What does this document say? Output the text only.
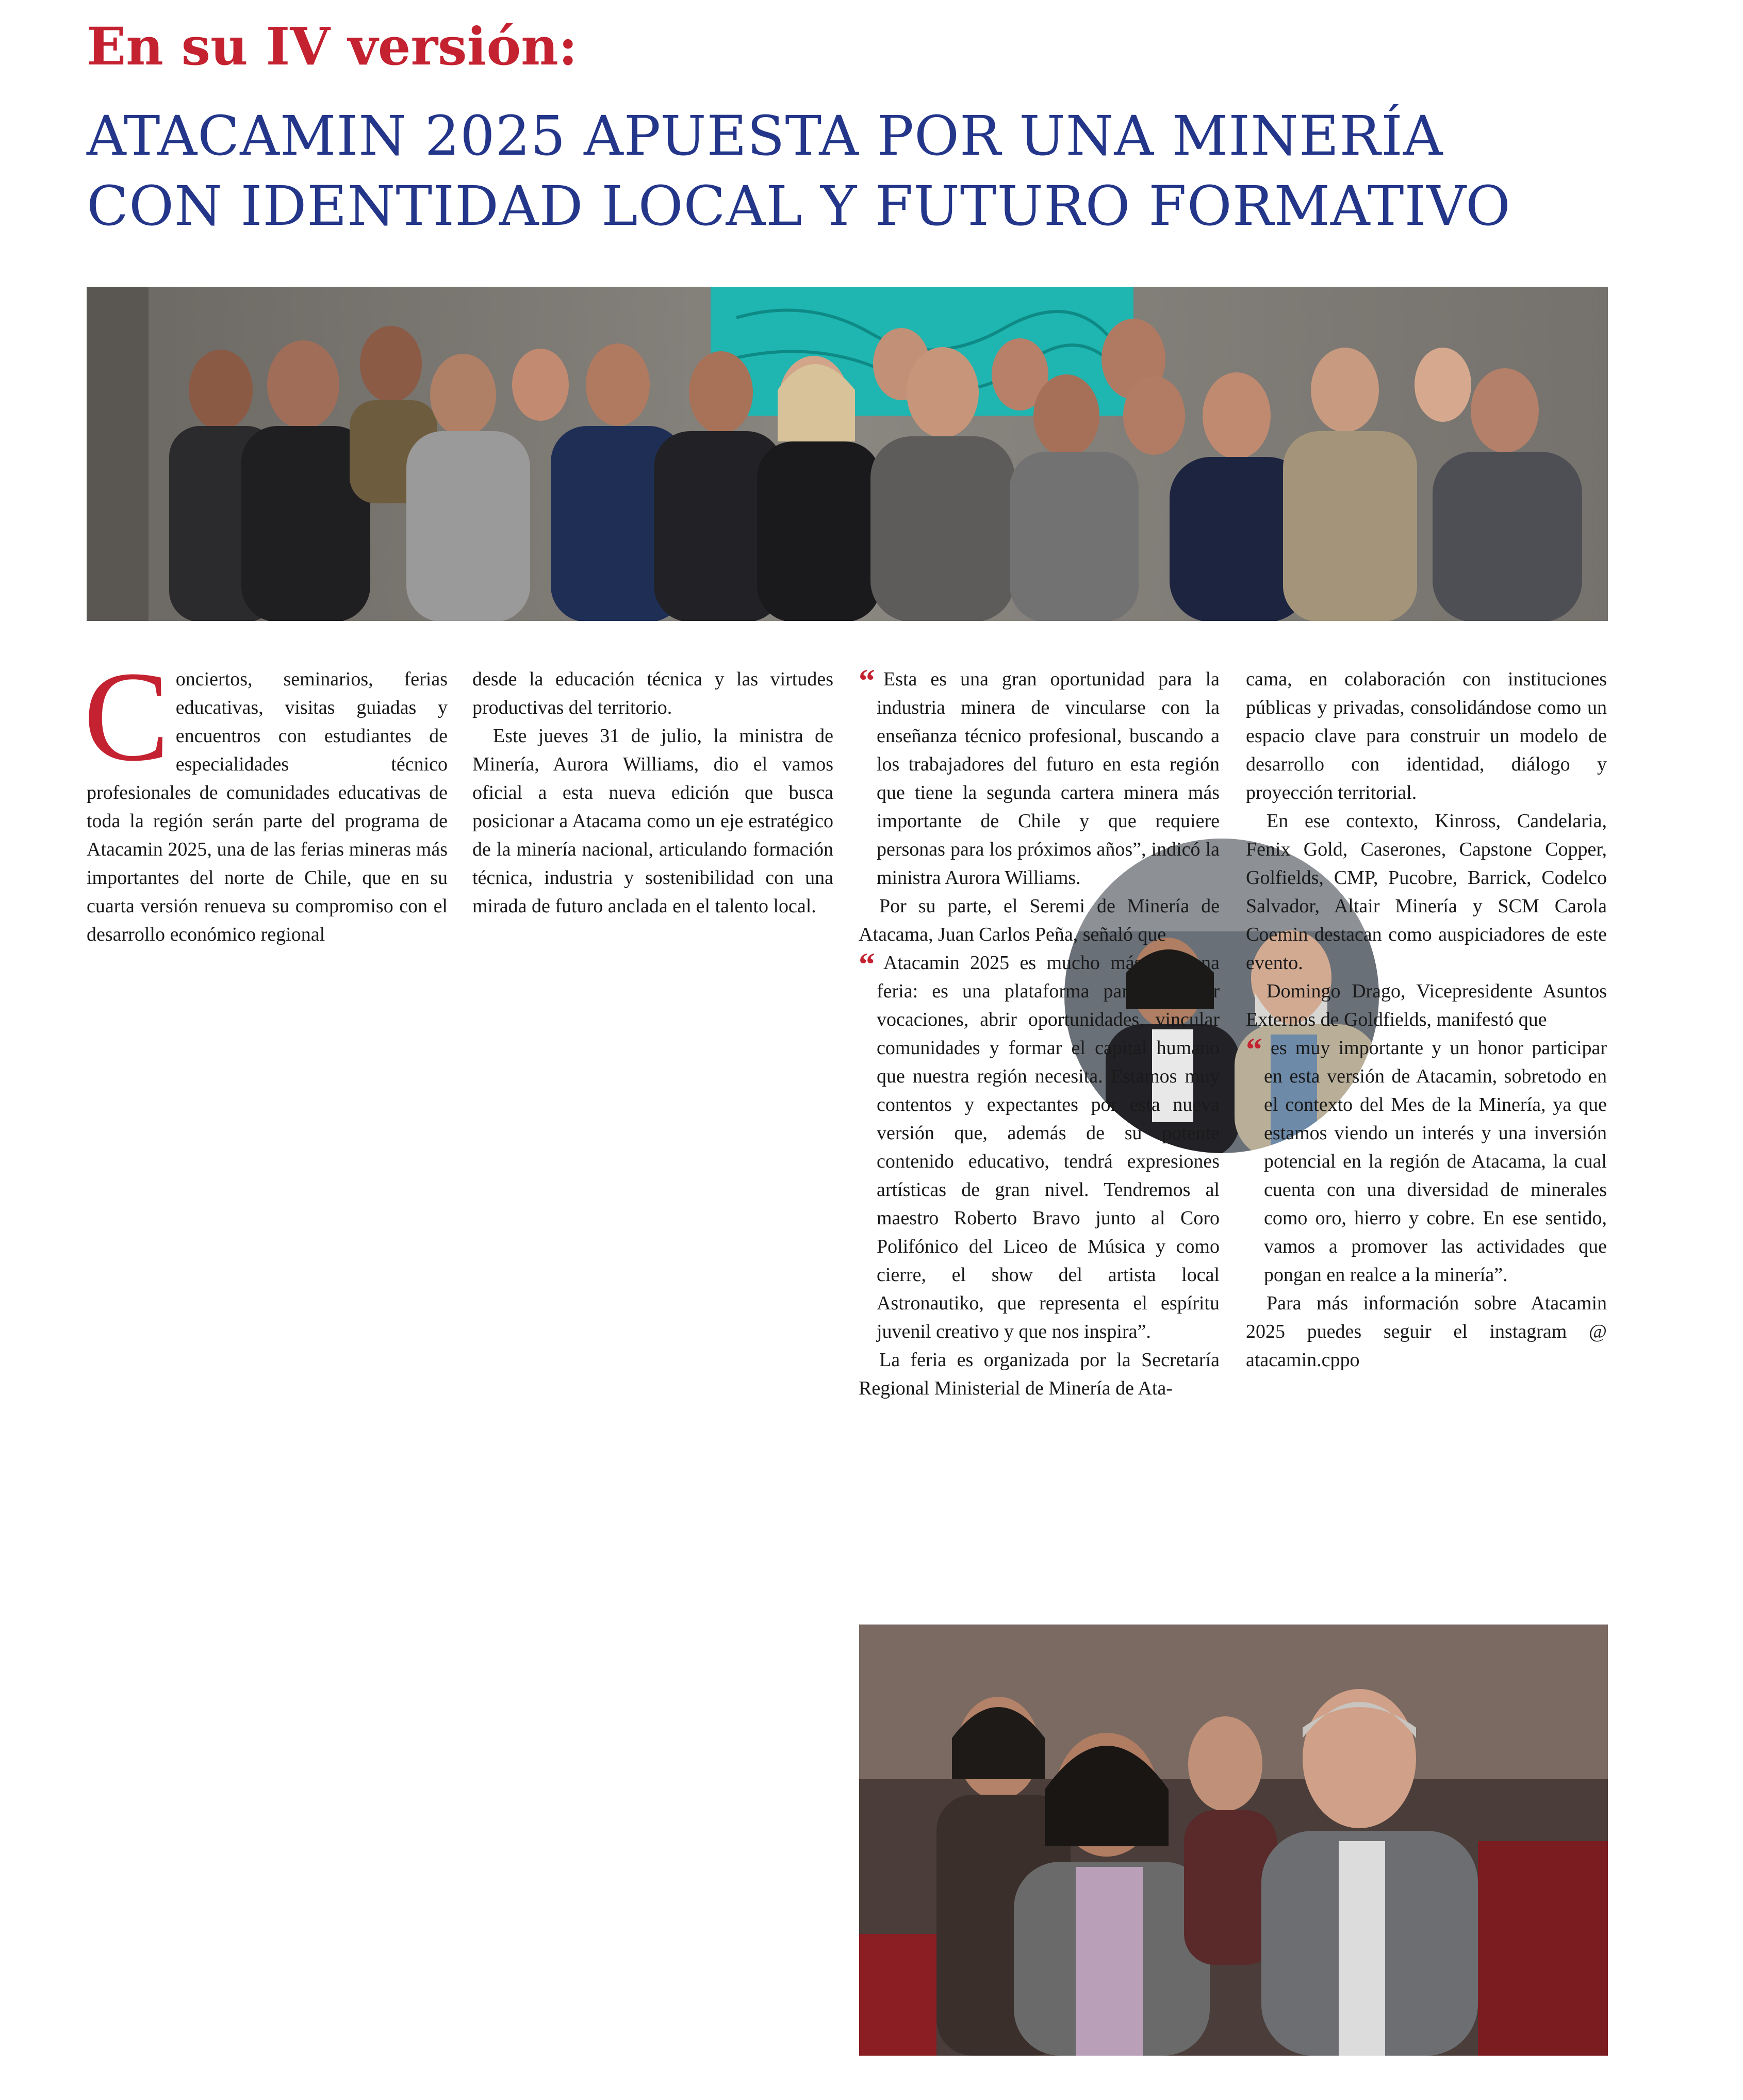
En su IV versión:
ATACAMIN 2025 APUESTA POR UNA MINERÍA
CON IDENTIDAD LOCAL Y FUTURO FORMATIVO

Conciertos, seminarios, ferias educativas, visitas guiadas y encuentros con estudiantes de especialidades técnico profesionales de comunidades educativas de toda la región serán parte del programa de Atacamin 2025, una de las ferias mineras más importantes del norte de Chile, que en su cuarta versión renueva su compromiso con el desarrollo económico regional

desde la educación técnica y las virtudes productivas del territorio.

Este jueves 31 de julio, la ministra de Minería, Aurora Williams, dio el vamos oficial a esta nueva edición que busca posicionar a Atacama como un eje estratégico de la minería nacional, articulando formación técnica, industria y sostenibilidad con una mirada de futuro anclada en el talento local.

“ Esta es una gran oportunidad para la industria minera de vincularse con la enseñanza técnico profesional, buscando a los trabajadores del futuro en esta región que tiene la segunda cartera minera más importante de Chile y que requiere personas para los próximos años”, indicó la ministra Aurora Williams.

Por su parte, el Seremi de Minería de Atacama, Juan Carlos Peña, señaló que

“ Atacamin 2025 es mucho más que una feria: es una plataforma para impulsar vocaciones, abrir oportunidades, vincular comunidades y formar el capital humano que nuestra región necesita. Estamos muy contentos y expectantes por esta nueva versión que, además de su potente contenido educativo, tendrá expresiones artísticas de gran nivel. Tendremos al maestro Roberto Bravo junto al Coro Polifónico del Liceo de Música y como cierre, el show del artista local Astronautiko, que representa el espíritu juvenil creativo y que nos inspira”.

La feria es organizada por la Secretaría Regional Ministerial de Minería de Ata-

cama, en colaboración con instituciones públicas y privadas, consolidándose como un espacio clave para construir un modelo de desarrollo con identidad, diálogo y proyección territorial.

En ese contexto, Kinross, Candelaria, Fenix Gold, Caserones, Capstone Copper, Golfields, CMP, Pucobre, Barrick, Codelco Salvador, Altair Minería y SCM Carola Coemin destacan como auspiciadores de este evento.

Domingo Drago, Vicepresidente Asuntos Externos de Goldfields, manifestó que

“ es muy importante y un honor participar en esta versión de Atacamin, sobretodo en el contexto del Mes de la Minería, ya que estamos viendo un interés y una inversión potencial en la región de Atacama, la cual cuenta con una diversidad de minerales como oro, hierro y cobre. En ese sentido, vamos a promover las actividades que pongan en realce a la minería”.

Para más información sobre Atacamin 2025 puedes seguir el instagram @ atacamin.cppo
